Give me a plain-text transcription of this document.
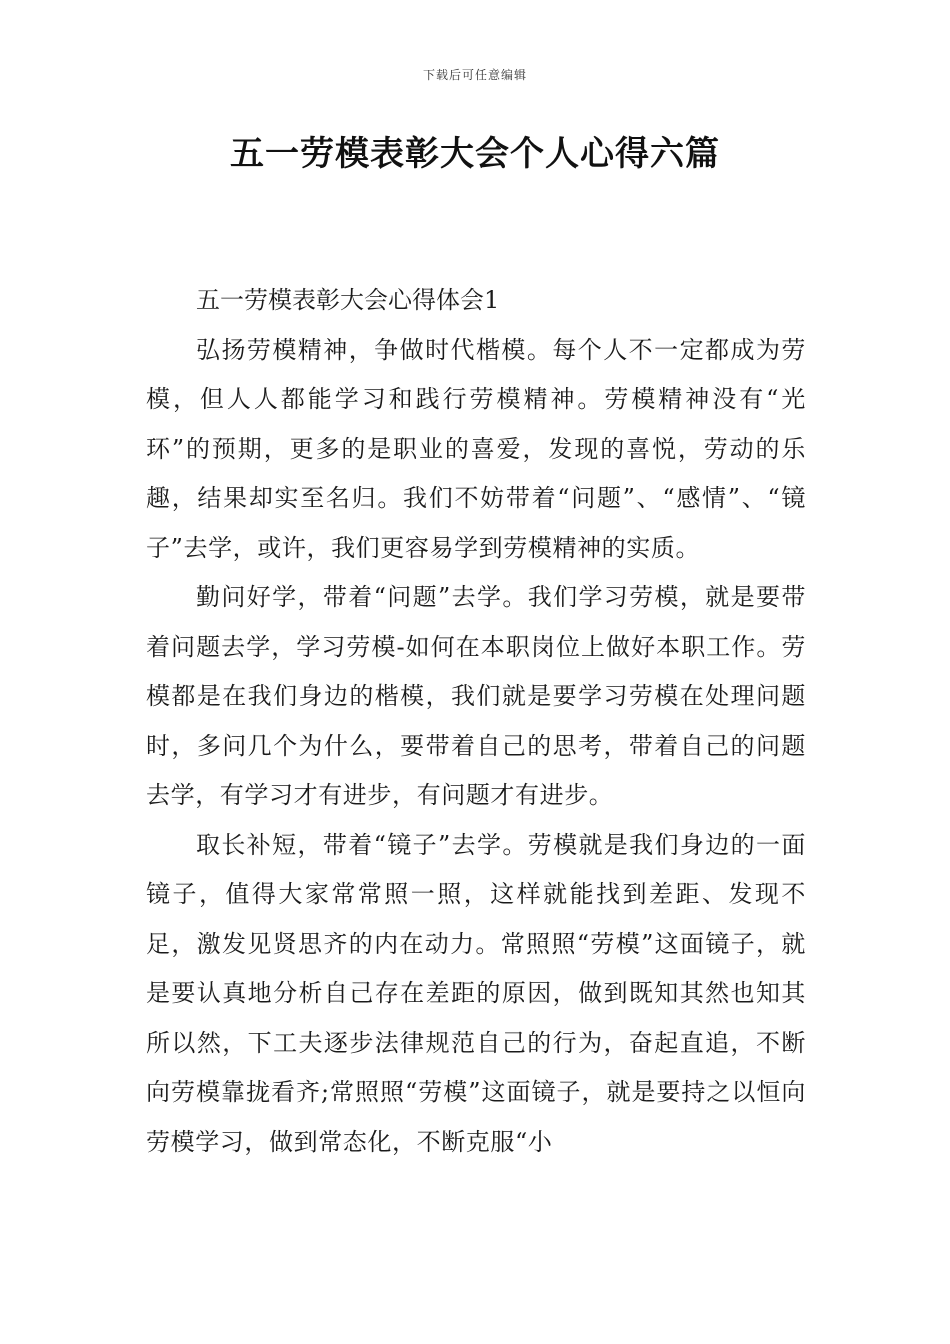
下载后可任意编辑
五一劳模表彰大会个人心得六篇

五一劳模表彰大会心得体会1

弘扬劳模精神，争做时代楷模。每个人不一定都成为劳模，但人人都能学习和践行劳模精神。劳模精神没有“光环”的预期，更多的是职业的喜爱，发现的喜悦，劳动的乐趣，结果却实至名归。我们不妨带着“问题”、“感情”、“镜子”去学，或许，我们更容易学到劳模精神的实质。

勤问好学，带着“问题”去学。我们学习劳模，就是要带着问题去学，学习劳模-如何在本职岗位上做好本职工作。劳模都是在我们身边的楷模，我们就是要学习劳模在处理问题时，多问几个为什么，要带着自己的思考，带着自己的问题去学，有学习才有进步，有问题才有进步。

取长补短，带着“镜子”去学。劳模就是我们身边的一面镜子，值得大家常常照一照，这样就能找到差距、发现不足，激发见贤思齐的内在动力。常照照“劳模”这面镜子，就是要认真地分析自己存在差距的原因，做到既知其然也知其所以然，下工夫逐步法律规范自己的行为，奋起直追，不断向劳模靠拢看齐;常照照“劳模”这面镜子，就是要持之以恒向劳模学习，做到常态化，不断克服“小
